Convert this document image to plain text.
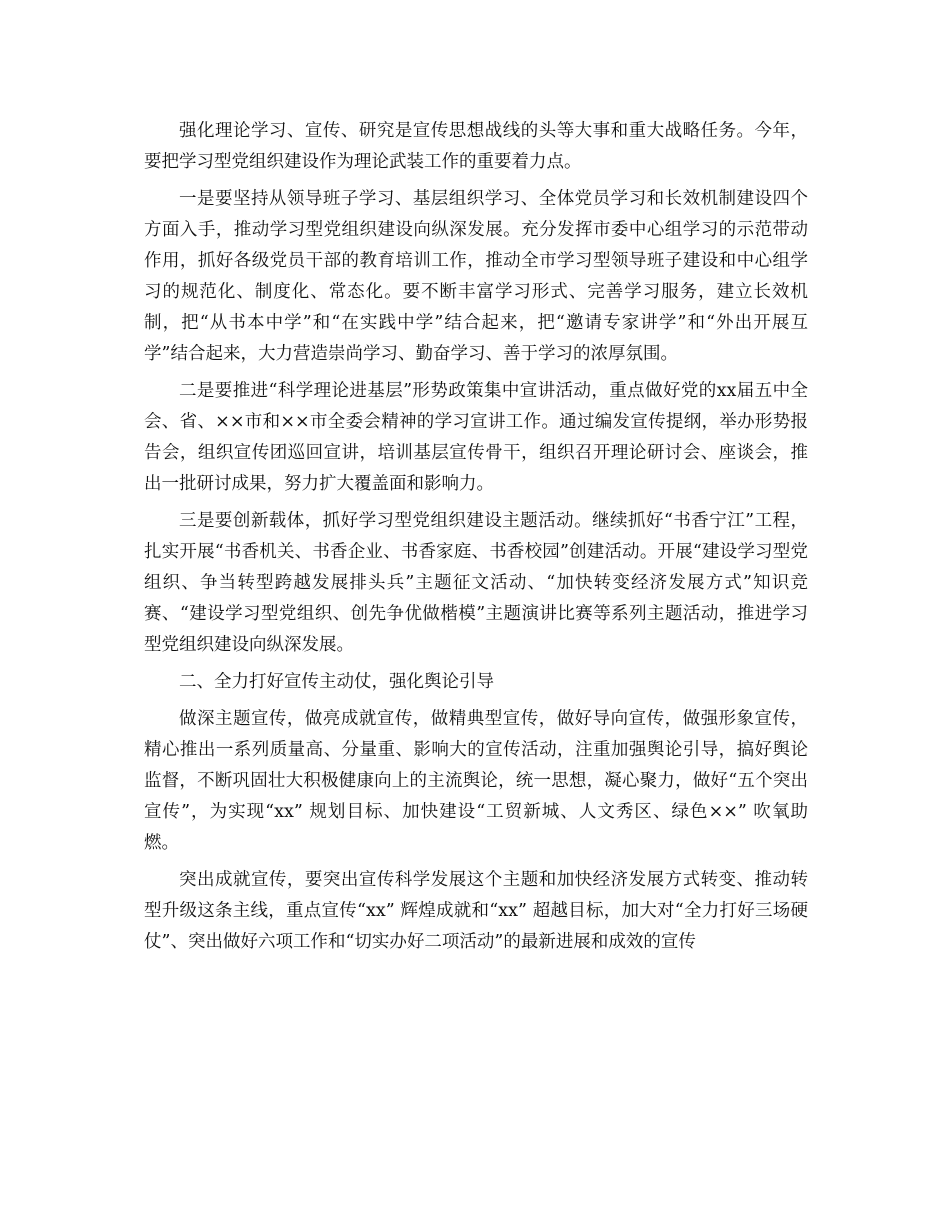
强化理论学习、宣传、研究是宣传思想战线的头等大事和重大战略任务。今年，要把学习型党组织建设作为理论武装工作的重要着力点。

一是要坚持从领导班子学习、基层组织学习、全体党员学习和长效机制建设四个方面入手，推动学习型党组织建设向纵深发展。充分发挥市委中心组学习的示范带动作用，抓好各级党员干部的教育培训工作，推动全市学习型领导班子建设和中心组学习的规范化、制度化、常态化。要不断丰富学习形式、完善学习服务，建立长效机制，把“从书本中学”和“在实践中学”结合起来，把“邀请专家讲学”和“外出开展互学”结合起来，大力营造崇尚学习、勤奋学习、善于学习的浓厚氛围。

二是要推进“科学理论进基层”形势政策集中宣讲活动，重点做好党的xx届五中全会、省、××市和××市全委会精神的学习宣讲工作。通过编发宣传提纲，举办形势报告会，组织宣传团巡回宣讲，培训基层宣传骨干，组织召开理论研讨会、座谈会，推出一批研讨成果，努力扩大覆盖面和影响力。

三是要创新载体，抓好学习型党组织建设主题活动。继续抓好“书香宁江”工程，扎实开展“书香机关、书香企业、书香家庭、书香校园”创建活动。开展“建设学习型党组织、争当转型跨越发展排头兵”主题征文活动、“加快转变经济发展方式”知识竞赛、“建设学习型党组织、创先争优做楷模”主题演讲比赛等系列主题活动，推进学习型党组织建设向纵深发展。

二、全力打好宣传主动仗，强化舆论引导

做深主题宣传，做亮成就宣传，做精典型宣传，做好导向宣传，做强形象宣传，精心推出一系列质量高、分量重、影响大的宣传活动，注重加强舆论引导，搞好舆论监督，不断巩固壮大积极健康向上的主流舆论，统一思想，凝心聚力，做好“五个突出宣传”，为实现“xx” 规划目标、加快建设“工贸新城、人文秀区、绿色××” 吹氧助燃。

突出成就宣传，要突出宣传科学发展这个主题和加快经济发展方式转变、推动转型升级这条主线，重点宣传“xx” 辉煌成就和“xx” 超越目标，加大对“全力打好三场硬仗”、突出做好六项工作和“切实办好二项活动”的最新进展和成效的宣传
